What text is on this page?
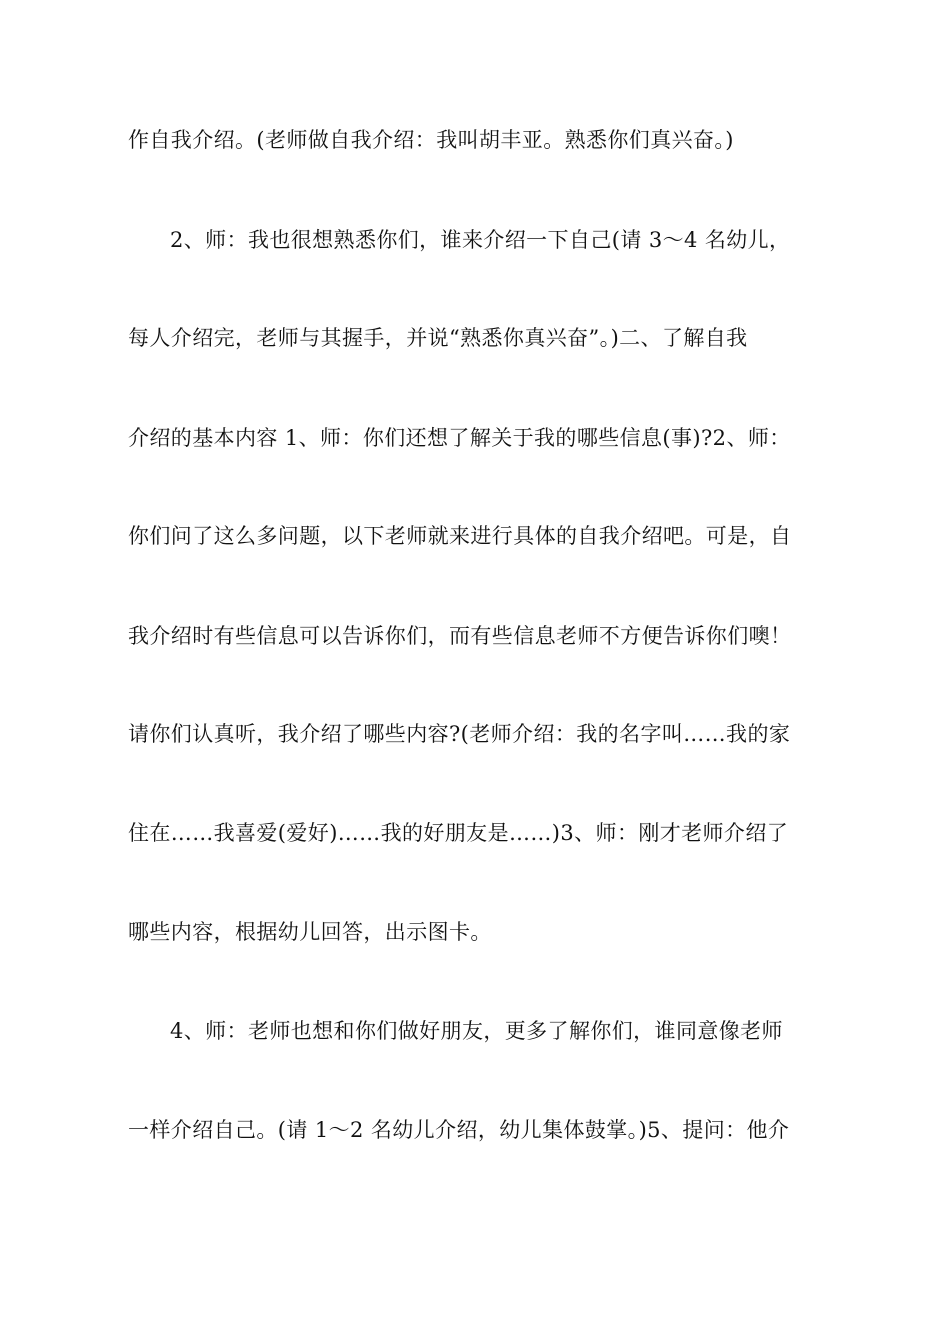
作自我介绍。(老师做自我介绍：我叫胡丰亚。熟悉你们真兴奋。)
2、师：我也很想熟悉你们，谁来介绍一下自己(请 3～4 名幼儿，
每人介绍完，老师与其握手，并说“熟悉你真兴奋”。)二、了解自我
介绍的基本内容 1、师：你们还想了解关于我的哪些信息(事)?2、师：
你们问了这么多问题，以下老师就来进行具体的自我介绍吧。可是，自
我介绍时有些信息可以告诉你们，而有些信息老师不方便告诉你们噢！
请你们认真听，我介绍了哪些内容?(老师介绍：我的名字叫……我的家
住在……我喜爱(爱好)……我的好朋友是……)3、师：刚才老师介绍了
哪些内容，根据幼儿回答，出示图卡。
4、师：老师也想和你们做好朋友，更多了解你们，谁同意像老师
一样介绍自己。(请 1～2 名幼儿介绍，幼儿集体鼓掌。)5、提问：他介
